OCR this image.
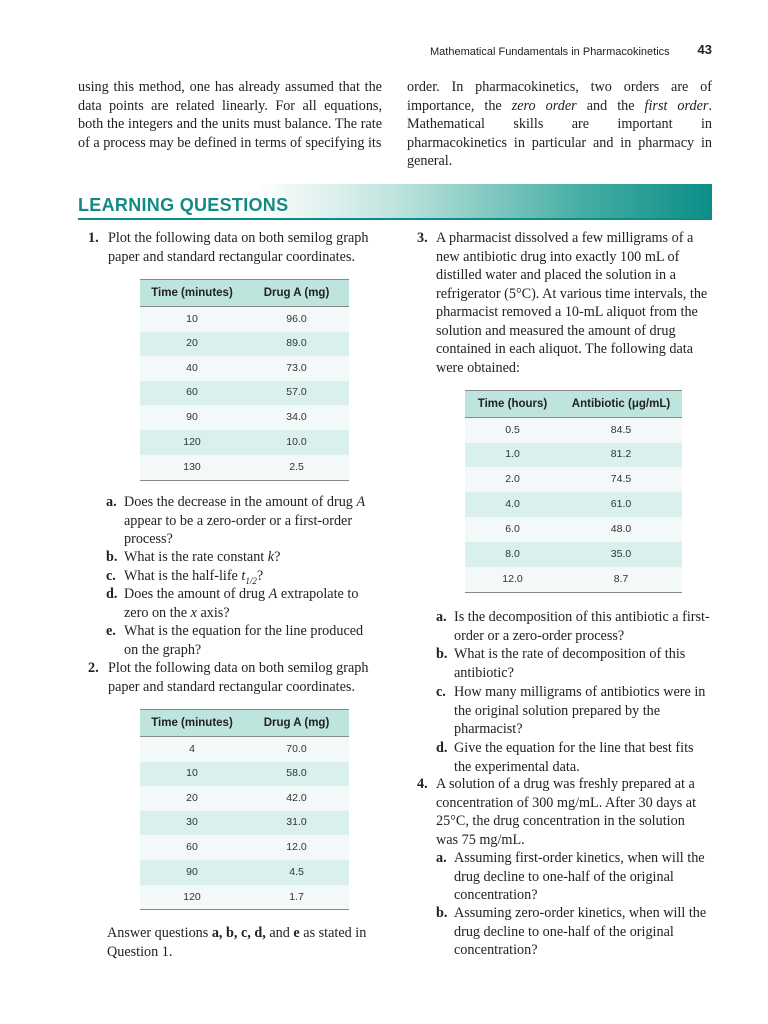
Mathematical Fundamentals in Pharmacokinetics 43
using this method, one has already assumed that the data points are related linearly. For all equations, both the integers and the units must balance. The rate of a process may be defined in terms of specifying its
order. In pharmacokinetics, two orders are of importance, the zero order and the first order. Mathematical skills are important in pharmacokinetics in particular and in pharmacy in general.
LEARNING QUESTIONS
1. Plot the following data on both semilog graph paper and standard rectangular coordinates.
Time (minutes)	Drug A (mg)
10	96.0
20	89.0
40	73.0
60	57.0
90	34.0
120	10.0
130	2.5
a. Does the decrease in the amount of drug A appear to be a zero-order or a first-order process?
b. What is the rate constant k?
c. What is the half-life $t_{1/2}$?
d. Does the amount of drug A extrapolate to zero on the x axis?
e. What is the equation for the line produced on the graph?
2. Plot the following data on both semilog graph paper and standard rectangular coordinates.
Time (minutes)	Drug A (mg)
4	70.0
10	58.0
20	42.0
30	31.0
60	12.0
90	4.5
120	1.7
Answer questions a, b, c, d, and e as stated in Question 1.
3. A pharmacist dissolved a few milligrams of a new antibiotic drug into exactly 100 mL of distilled water and placed the solution in a refrigerator (5°C). At various time intervals, the pharmacist removed a 10-mL aliquot from the solution and measured the amount of drug contained in each aliquot. The following data were obtained:
Time (hours)	Antibiotic (μg/mL)
0.5	84.5
1.0	81.2
2.0	74.5
4.0	61.0
6.0	48.0
8.0	35.0
12.0	8.7
a. Is the decomposition of this antibiotic a first-order or a zero-order process?
b. What is the rate of decomposition of this antibiotic?
c. How many milligrams of antibiotics were in the original solution prepared by the pharmacist?
d. Give the equation for the line that best fits the experimental data.
4. A solution of a drug was freshly prepared at a concentration of 300 mg/mL. After 30 days at 25°C, the drug concentration in the solution was 75 mg/mL.
a. Assuming first-order kinetics, when will the drug decline to one-half of the original concentration?
b. Assuming zero-order kinetics, when will the drug decline to one-half of the original concentration?
